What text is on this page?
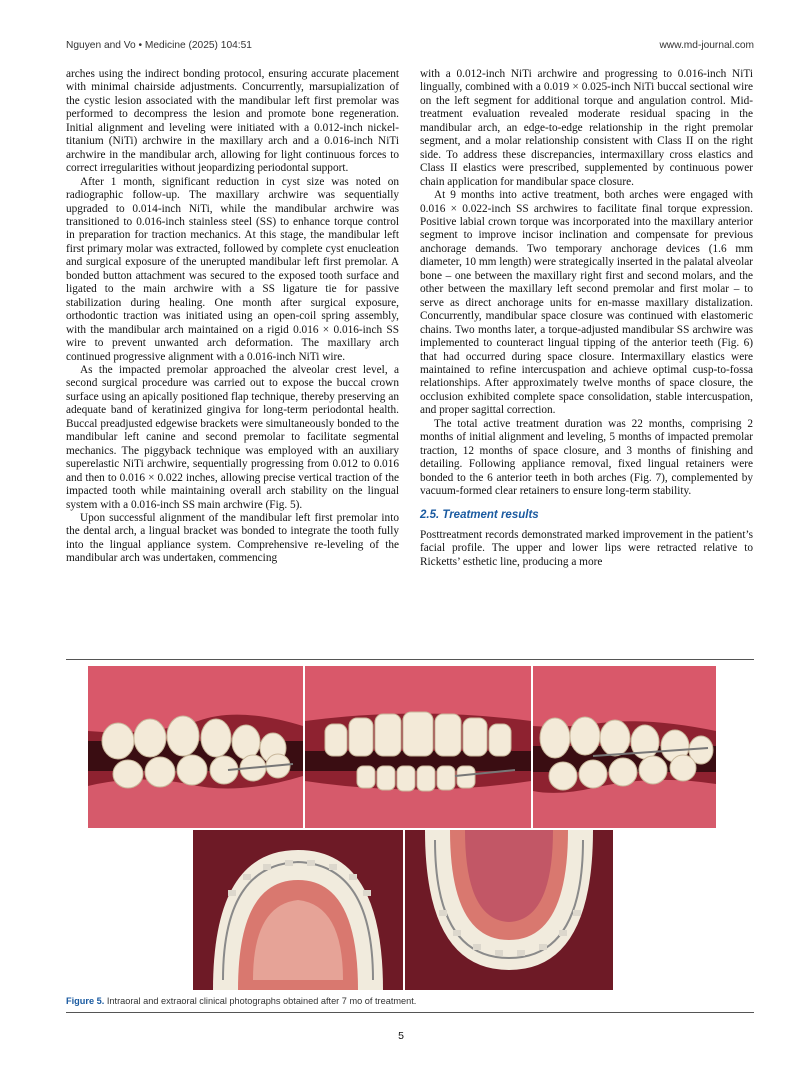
Nguyen and Vo • Medicine (2025) 104:51	www.md-journal.com

arches using the indirect bonding protocol, ensuring accurate placement with minimal chairside adjustments. Concurrently, marsupialization of the cystic lesion associated with the mandibular left first premolar was performed to decompress the lesion and promote bone regeneration. Initial alignment and leveling were initiated with a 0.012-inch nickel-titanium (NiTi) archwire in the maxillary arch and a 0.016-inch NiTi archwire in the mandibular arch, allowing for light continuous forces to correct irregularities without jeopardizing periodontal support.

After 1 month, significant reduction in cyst size was noted on radiographic follow-up. The maxillary archwire was sequentially upgraded to 0.014-inch NiTi, while the mandibular archwire was transitioned to 0.016-inch stainless steel (SS) to enhance torque control in preparation for traction mechanics. At this stage, the mandibular left first primary molar was extracted, followed by complete cyst enucleation and surgical exposure of the unerupted mandibular left first premolar. A bonded button attachment was secured to the exposed tooth surface and ligated to the main archwire with a SS ligature tie for passive stabilization during healing. One month after surgical exposure, orthodontic traction was initiated using an open-coil spring assembly, with the mandibular arch maintained on a rigid 0.016 × 0.016-inch SS wire to prevent unwanted arch deformation. The maxillary arch continued progressive alignment with a 0.016-inch NiTi wire.

As the impacted premolar approached the alveolar crest level, a second surgical procedure was carried out to expose the buccal crown surface using an apically positioned flap technique, thereby preserving an adequate band of keratinized gingiva for long-term periodontal health. Buccal preadjusted edgewise brackets were simultaneously bonded to the mandibular left canine and second premolar to facilitate segmental mechanics. The piggyback technique was employed with an auxiliary superelastic NiTi archwire, sequentially progressing from 0.012 to 0.016 and then to 0.016 × 0.022 inches, allowing precise vertical traction of the impacted tooth while maintaining overall arch stability on the lingual system with a 0.016-inch SS main archwire (Fig. 5).

Upon successful alignment of the mandibular left first premolar into the dental arch, a lingual bracket was bonded to integrate the tooth fully into the lingual appliance system. Comprehensive re-leveling of the mandibular arch was undertaken, commencing

with a 0.012-inch NiTi archwire and progressing to 0.016-inch NiTi lingually, combined with a 0.019 × 0.025-inch NiTi buccal sectional wire on the left segment for additional torque and angulation control. Mid-treatment evaluation revealed moderate residual spacing in the mandibular arch, an edge-to-edge relationship in the right premolar segment, and a molar relationship consistent with Class II on the right side. To address these discrepancies, intermaxillary cross elastics and Class II elastics were prescribed, supplemented by continuous power chain application for mandibular space closure.

At 9 months into active treatment, both arches were engaged with 0.016 × 0.022-inch SS archwires to facilitate final torque expression. Positive labial crown torque was incorporated into the maxillary anterior segment to improve incisor inclination and compensate for previous anchorage demands. Two temporary anchorage devices (1.6 mm diameter, 10 mm length) were strategically inserted in the palatal alveolar bone – one between the maxillary right first and second molars, and the other between the maxillary left second premolar and first molar – to serve as direct anchorage units for en-masse maxillary distalization. Concurrently, mandibular space closure was continued with elastomeric chains. Two months later, a torque-adjusted mandibular SS archwire was implemented to counteract lingual tipping of the anterior teeth (Fig. 6) that had occurred during space closure. Intermaxillary elastics were maintained to refine intercuspation and achieve optimal cusp-to-fossa relationships. After approximately twelve months of space closure, the occlusion exhibited complete space consolidation, stable intercuspation, and proper sagittal correction.

The total active treatment duration was 22 months, comprising 2 months of initial alignment and leveling, 5 months of impacted premolar traction, 12 months of space closure, and 3 months of finishing and detailing. Following appliance removal, fixed lingual retainers were bonded to the 6 anterior teeth in both arches (Fig. 7), complemented by vacuum-formed clear retainers to ensure long-term stability.

2.5. Treatment results

Posttreatment records demonstrated marked improvement in the patient’s facial profile. The upper and lower lips were retracted relative to Ricketts’ esthetic line, producing a more

Figure 5. Intraoral and extraoral clinical photographs obtained after 7 mo of treatment.
5
